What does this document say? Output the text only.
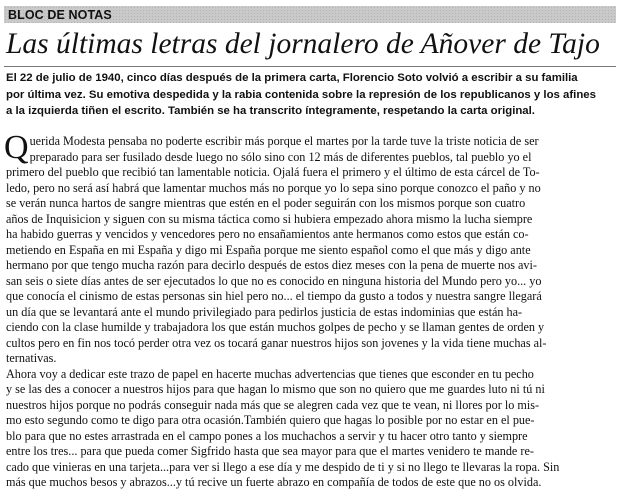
BLOC DE NOTAS
Las últimas letras del jornalero de Añover de Tajo
El 22 de julio de 1940, cinco días después de la primera carta, Florencio Soto volvió a escribir a su familia
por última vez. Su emotiva despedida y la rabia contenida sobre la represión de los republicanos y los afines
a la izquierda tiñen el escrito. También se ha transcrito íntegramente, respetando la carta original.
Querida Modesta pensaba no poderte escribir más porque el martes por la tarde tuve la triste noticia de ser
preparado para ser fusilado desde luego no sólo sino con 12 más de diferentes pueblos, tal pueblo yo el
primero del pueblo que recibió tan lamentable noticia. Ojalá fuera el primero y el último de esta cárcel de To-
ledo, pero no será así habrá que lamentar muchos más no porque yo lo sepa sino porque conozco el paño y no
se verán nunca hartos de sangre mientras que estén en el poder seguirán con los mismos porque son cuatro
años de Inquisicion y siguen con su misma táctica como si hubiera empezado ahora mismo la lucha siempre
ha habido guerras y vencidos y vencedores pero no ensañamientos ante hermanos como estos que están co-
metiendo en España en mi España y digo mi España porque me siento español como el que más y digo ante
hermano por que tengo mucha razón para decirlo después de estos diez meses con la pena de muerte nos avi-
san seis o siete días antes de ser ejecutados lo que no es conocido en ninguna historia del Mundo pero yo... yo
que conocía el cinismo de estas personas sin hiel pero no... el tiempo da gusto a todos y nuestra sangre llegará
un día que se levantará ante el mundo privilegiado para pedirlos justicia de estas indominias que están ha-
ciendo con la clase humilde y trabajadora los que están muchos golpes de pecho y se llaman gentes de orden y
cultos pero en fin nos tocó perder otra vez os tocará ganar nuestros hijos son jovenes y la vida tiene muchas al-
ternativas.
Ahora voy a dedicar este trazo de papel en hacerte muchas advertencias que tienes que esconder en tu pecho
y se las des a conocer a nuestros hijos para que hagan lo mismo que son no quiero que me guardes luto ni tú ni
nuestros hijos porque no podrás conseguir nada más que se alegren cada vez que te vean, ni llores por lo mis-
mo esto segundo como te digo para otra ocasión.También quiero que hagas lo posible por no estar en el pue-
blo para que no estes arrastrada en el campo pones a los muchachos a servir y tu hacer otro tanto y siempre
entre los tres... para que pueda comer Sigfrido hasta que sea mayor para que el martes venidero te mande re-
cado que vinieras en una tarjeta...para ver si llego a ese día y me despido de ti y si no llego te llevaras la ropa. Sin
más que muchos besos y abrazos...y tú recive un fuerte abrazo en compañía de todos de este que no os olvida.
